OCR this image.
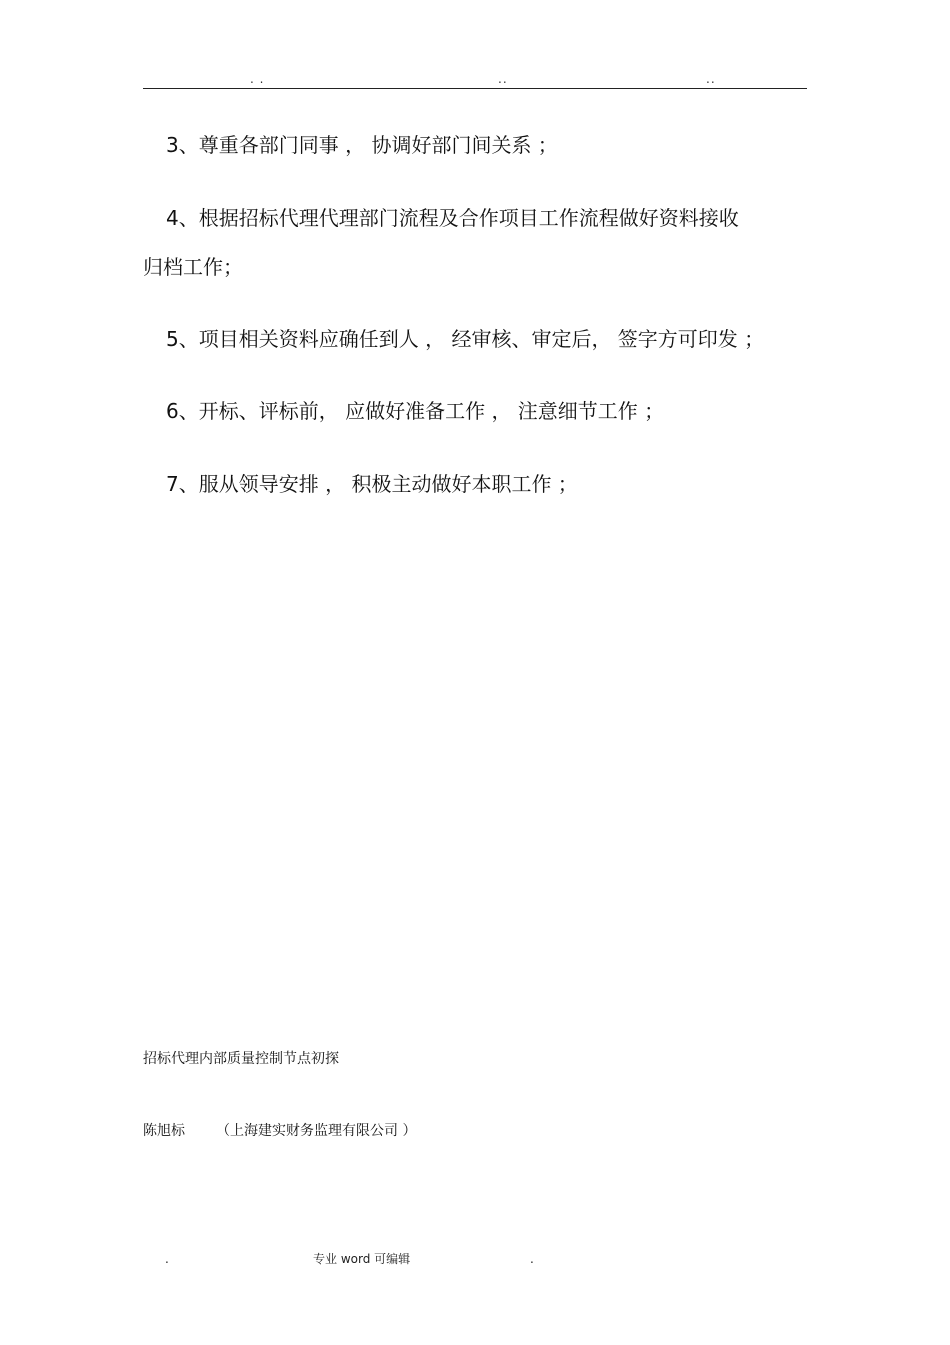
. .	..	..
3、尊重各部门同事 ， 协调好部门间关系 ；
4、根据招标代理代理部门流程及合作项目工作流程做好资料接收
归档工作；
5、项目相关资料应确任到人 ， 经审核、审定后， 签字方可印发 ；
6、开标、评标前， 应做好准备工作 ， 注意细节工作 ；
7、服从领导安排 ， 积极主动做好本职工作 ；
招标代理内部质量控制节点初探
陈旭标 （上海建实财务监理有限公司 ）
.	专业 word 可编辑	.
